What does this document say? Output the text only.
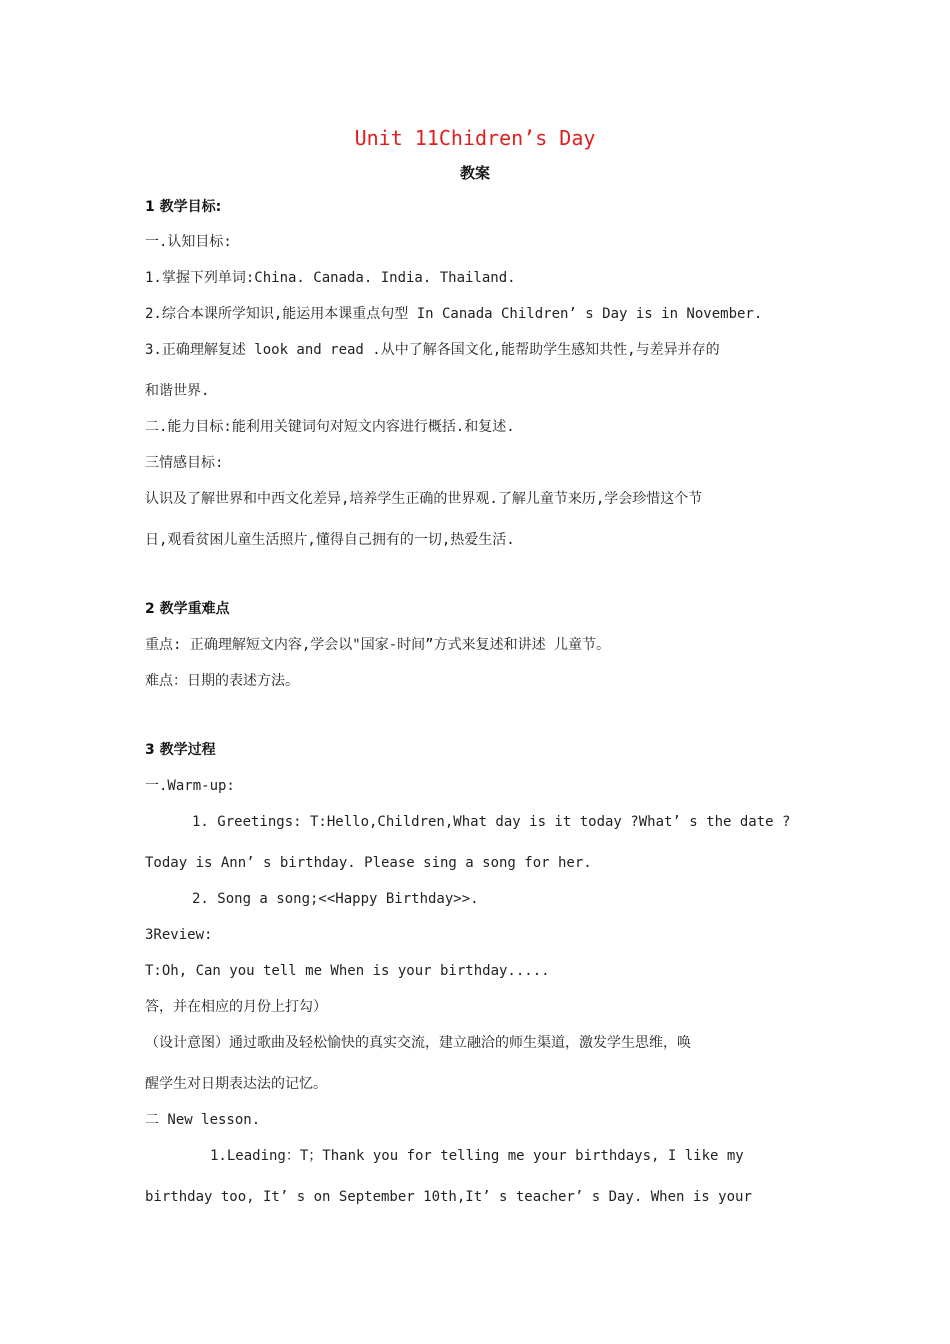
Unit 11Chidren’s Day
教案
1 教学目标:
一.认知目标:
1.掌握下列单词:China. Canada. India. Thailand.
2.综合本课所学知识,能运用本课重点句型 In Canada Children’ s Day is in November.
3.正确理解复述 look and read .从中了解各国文化,能帮助学生感知共性,与差异并存的
和谐世界.
二.能力目标:能利用关键词句对短文内容进行概括.和复述.
三情感目标:
认识及了解世界和中西文化差异,培养学生正确的世界观.了解儿童节来历,学会珍惜这个节
日,观看贫困儿童生活照片,懂得自己拥有的一切,热爱生活.
2 教学重难点
重点: 正确理解短文内容,学会以"国家-时间”方式来复述和讲述 儿童节。
难点：日期的表述方法。
3 教学过程
一.Warm-up:
1. Greetings: T:Hello,Children,What day is it today ?What’ s the date ?
Today is Ann’ s birthday. Please sing a song for her.
2. Song a song;<<Happy Birthday>>.
3Review:
T:Oh, Can you tell me When is your birthday.....
答，并在相应的月份上打勾）
（设计意图）通过歌曲及轻松愉快的真实交流，建立融洽的师生渠道，激发学生思维，唤
醒学生对日期表达法的记忆。
二 New lesson.
1.Leading：T；Thank you for telling me your birthdays, I like my
birthday too, It’ s on September 10th,It’ s teacher’ s Day. When is your
